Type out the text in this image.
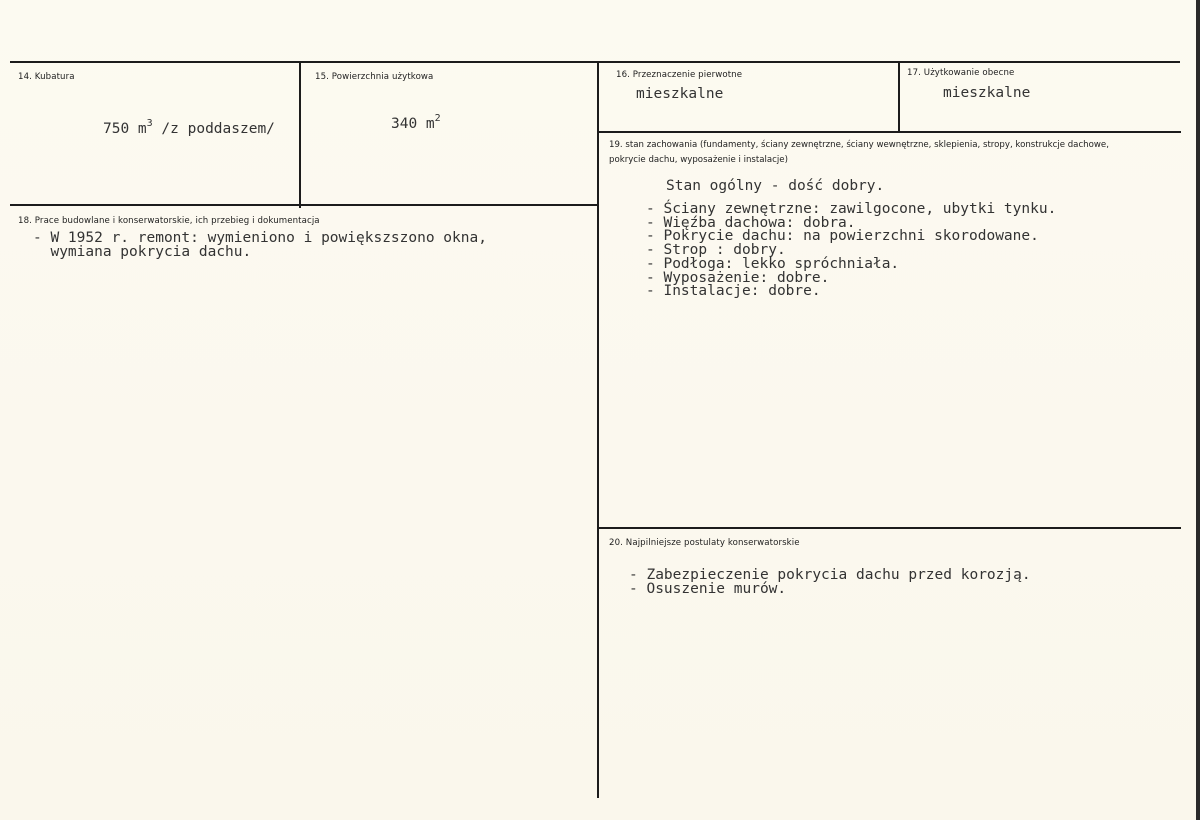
14. Kubatura
750 $m^3$ /z poddaszem/
15. Powierzchnia użytkowa
340 $m^2$
16. Przeznaczenie pierwotne
mieszkalne
17. Użytkowanie obecne
mieszkalne
18. Prace budowlane i konserwatorskie, ich przebieg i dokumentacja
- W 1952 r. remont: wymieniono i powiększszono okna,
wymiana pokrycia dachu.
19. stan zachowania (fundamenty, ściany zewnętrzne, ściany wewnętrzne, sklepienia, stropy, konstrukcje dachowe, pokrycie dachu, wyposażenie i instalacje)
Stan ogólny - dość dobry.
- Ściany zewnętrzne: zawilgocone, ubytki tynku.
- Więźba dachowa: dobra.
- Pokrycie dachu: na powierzchni skorodowane.
- Strop : dobry.
- Podłoga: lekko spróchniała.
- Wyposażenie: dobre.
- Instalacje: dobre.
20. Najpilniejsze postulaty konserwatorskie
- Zabezpieczenie pokrycia dachu przed korozją.
- Osuszenie murów.
